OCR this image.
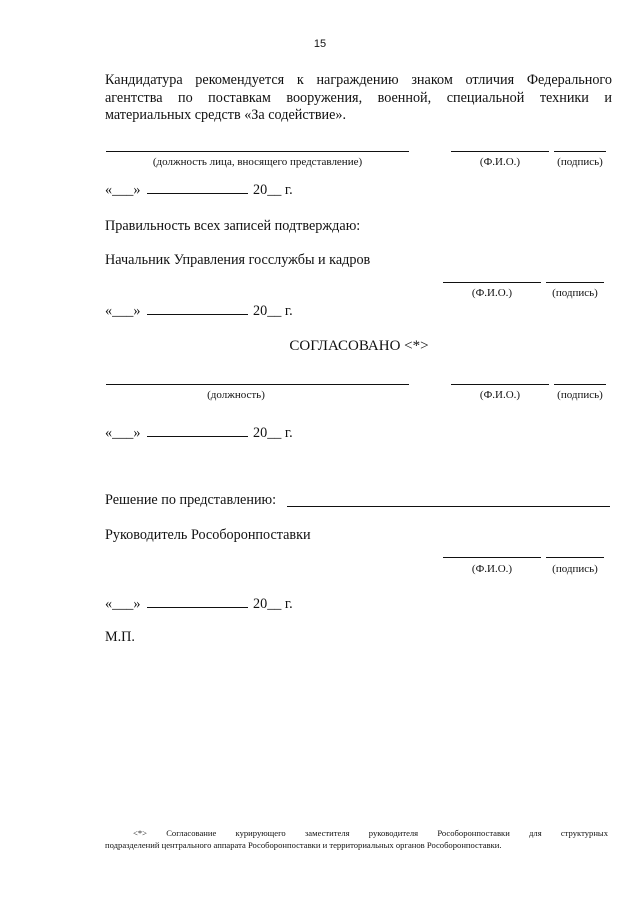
15
Кандидатура рекомендуется к награждению знаком отличия Федерального
агентства по поставкам вооружения, военной, специальной техники и
материальных средств «За содействие».
(должность лица, вносящего представление)	(Ф.И.О.)	(подпись)
«___»	20__ г.
Правильность всех записей подтверждаю:
Начальник Управления госслужбы и кадров
(Ф.И.О.)	(подпись)
«___»	20__ г.
СОГЛАСОВАНО <*>
(должность)	(Ф.И.О.)	(подпись)
«___»	20__ г.
Решение по представлению:
Руководитель Рособоронпоставки
(Ф.И.О.)	(подпись)
«___»	20__ г.
М.П.
<*> Согласование курирующего заместителя руководителя Рособоронпоставки для структурных
подразделений центрального аппарата Рособоронпоставки и территориальных органов Рособоронпоставки.
